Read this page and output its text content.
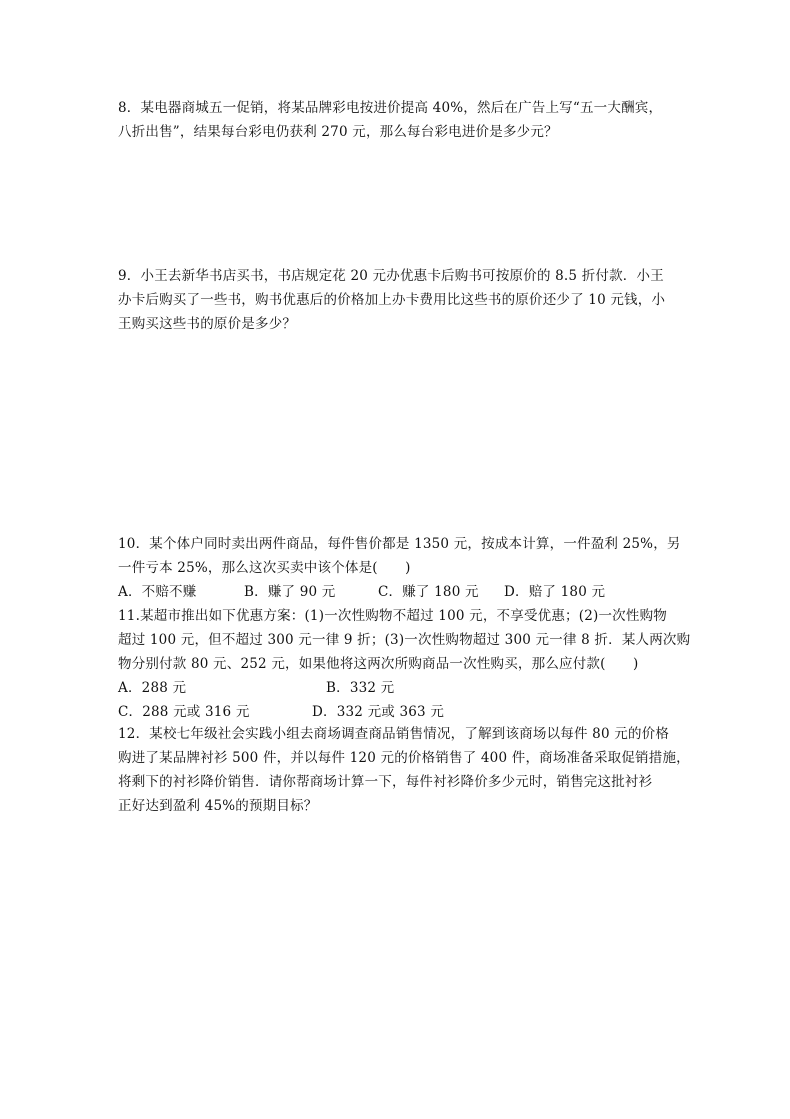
8．某电器商城五一促销，将某品牌彩电按进价提高 40%，然后在广告上写“五一大酬宾，
八折出售”，结果每台彩电仍获利 270 元，那么每台彩电进价是多少元？
9．小王去新华书店买书，书店规定花 20 元办优惠卡后购书可按原价的 8.5 折付款．小王
办卡后购买了一些书，购书优惠后的价格加上办卡费用比这些书的原价还少了 10 元钱，小
王购买这些书的原价是多少？
10．某个体户同时卖出两件商品，每件售价都是 1350 元，按成本计算，一件盈利 25%，另
一件亏本 25%，那么这次买卖中该个体是(　　)
A．不赔不赚	B．赚了 90 元	C．赚了 180 元	D．赔了 180 元
11.某超市推出如下优惠方案：(1)一次性购物不超过 100 元，不享受优惠；(2)一次性购物
超过 100 元，但不超过 300 元一律 9 折；(3)一次性购物超过 300 元一律 8 折．某人两次购
物分别付款 80 元、252 元，如果他将这两次所购商品一次性购买，那么应付款(　　)
A．288 元	B．332 元
C．288 元或 316 元	D．332 元或 363 元
12．某校七年级社会实践小组去商场调查商品销售情况，了解到该商场以每件 80 元的价格
购进了某品牌衬衫 500 件，并以每件 120 元的价格销售了 400 件，商场准备采取促销措施，
将剩下的衬衫降价销售．请你帮商场计算一下，每件衬衫降价多少元时，销售完这批衬衫
正好达到盈利 45%的预期目标？
